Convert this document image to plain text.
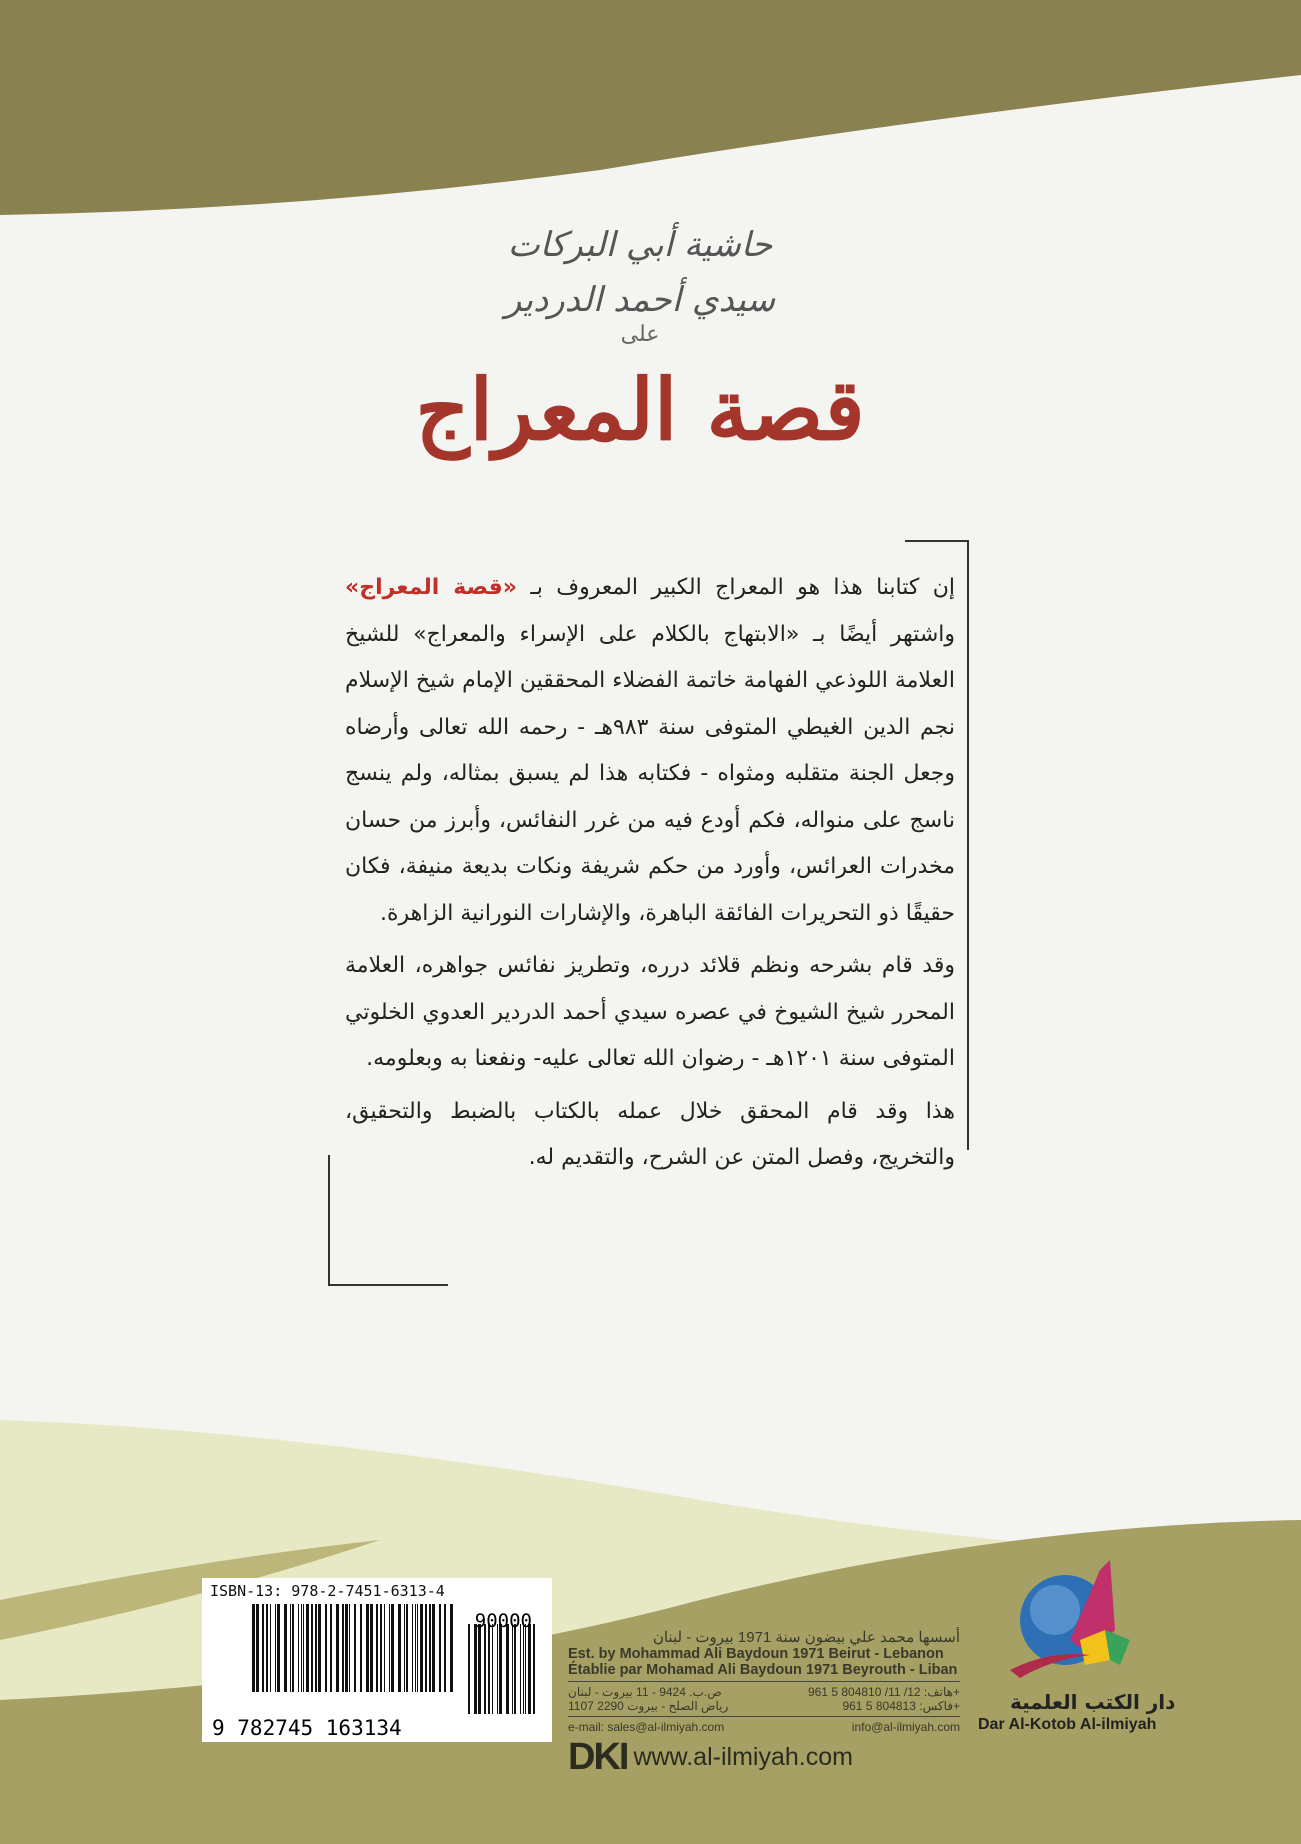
حاشية أبي البركات
سيدي أحمد الدردير
على
قصة المعراج

إن كتابنا هذا هو المعراج الكبير المعروف بـ «قصة المعراج» واشتهر أيضًا بـ «الابتهاج بالكلام على الإسراء والمعراج» للشيخ العلامة اللوذعي الفهامة خاتمة الفضلاء المحققين الإمام شيخ الإسلام نجم الدين الغيطي المتوفى سنة ٩٨٣هـ - رحمه الله تعالى وأرضاه وجعل الجنة متقلبه ومثواه - فكتابه هذا لم يسبق بمثاله، ولم ينسج ناسج على منواله، فكم أودع فيه من غرر النفائس، وأبرز من حسان مخدرات العرائس، وأورد من حكم شريفة ونكات بديعة منيفة، فكان حقيقًا ذو التحريرات الفائقة الباهرة، والإشارات النورانية الزاهرة.

وقد قام بشرحه ونظم قلائد درره، وتطريز نفائس جواهره، العلامة المحرر شيخ الشيوخ في عصره سيدي أحمد الدردير العدوي الخلوتي المتوفى سنة ١٢٠١هـ - رضوان الله تعالى عليه- ونفعنا به وبعلومه.

هذا وقد قام المحقق خلال عمله بالكتاب بالضبط والتحقيق، والتخريج، وفصل المتن عن الشرح، والتقديم له.

ISBN-13: 978-2-7451-6313-4
90000
9 782745 163134
أسسها محمد علي بيضون سنة 1971 بيروت - لبنان
Est. by Mohammad Ali Baydoun 1971 Beirut - Lebanon
Établie par Mohamad Ali Baydoun 1971 Beyrouth - Liban
ص.ب. 9424 - 11 بيروت - لبنان
رياض الصلح - بيروت 2290 1107
هاتف: 12/ 11/ 804810 5 961+
فاكس: 804813 5 961+
e-mail: sales@al-ilmiyah.com	info@al-ilmiyah.com
DKI www.al-ilmiyah.com
دار الكتب العلمية
Dar Al-Kotob Al-ilmiyah
